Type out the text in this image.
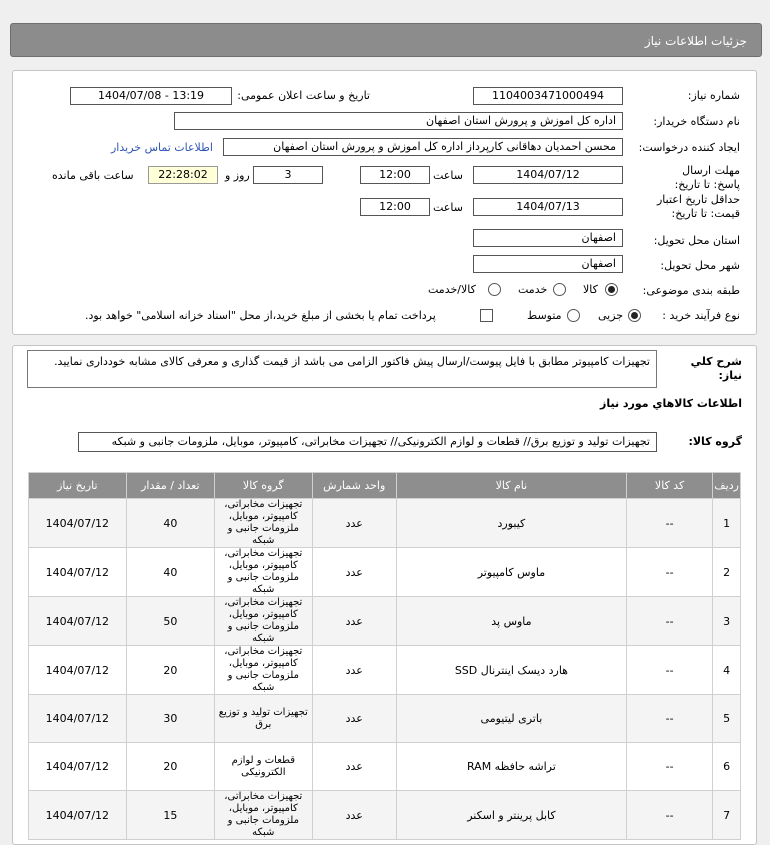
جزئیات اطلاعات نیاز
شماره نیاز:
1104003471000494
تاریخ و ساعت اعلان عمومی:
1404/07/08 - 13:19
نام دستگاه خریدار:
اداره کل اموزش و پرورش استان اصفهان
ایجاد کننده درخواست:
محسن احمدیان دهاقانی کارپرداز اداره کل اموزش و پرورش استان اصفهان
اطلاعات تماس خریدار
مهلت ارسال پاسخ: تا تاریخ:
1404/07/12
ساعت
12:00
3
روز و
22:28:02
ساعت باقی مانده
حداقل تاریخ اعتبار قیمت: تا تاریخ:
1404/07/13
ساعت
12:00
استان محل تحویل:
اصفهان
شهر محل تحویل:
اصفهان
طبقه بندی موضوعی:
کالا
خدمت
کالا/خدمت
نوع فرآیند خرید :
جزیی
متوسط
پرداخت تمام یا بخشی از مبلغ خرید،از محل "اسناد خزانه اسلامی" خواهد بود.
شرح کلي نياز:
تجهیزات کامپیوتر مطابق با فایل پیوست/ارسال پیش فاکتور الزامی می باشد از قیمت گذاری و معرفی کالای مشابه خودداری نمایید.
اطلاعات کالاهاي مورد نياز
گروه کالا:
تجهیزات تولید و توزیع برق// قطعات و لوازم الکترونیکی// تجهیزات مخابراتی، کامپیوتر، موبایل، ملزومات جانبی و شبکه
ردیف	کد کالا	نام کالا	واحد شمارش	گروه کالا	تعداد / مقدار	تاریخ نیاز
1	--	کیبورد	عدد	تجهیزات مخابراتی، کامپیوتر، موبایل، ملزومات جانبی و شبکه	40	1404/07/12
2	--	ماوس کامپیوتر	عدد	تجهیزات مخابراتی، کامپیوتر، موبایل، ملزومات جانبی و شبکه	40	1404/07/12
3	--	ماوس پد	عدد	تجهیزات مخابراتی، کامپیوتر، موبایل، ملزومات جانبی و شبکه	50	1404/07/12
4	--	هارد دیسک اینترنال SSD	عدد	تجهیزات مخابراتی، کامپیوتر، موبایل، ملزومات جانبی و شبکه	20	1404/07/12
5	--	باتری لیتیومی	عدد	تجهیزات تولید و توزیع برق	30	1404/07/12
6	--	تراشه حافظه RAM	عدد	قطعات و لوازم الکترونیکی	20	1404/07/12
7	--	کابل پرینتر و اسکنر	عدد	تجهیزات مخابراتی، کامپیوتر، موبایل، ملزومات جانبی و شبکه	15	1404/07/12
